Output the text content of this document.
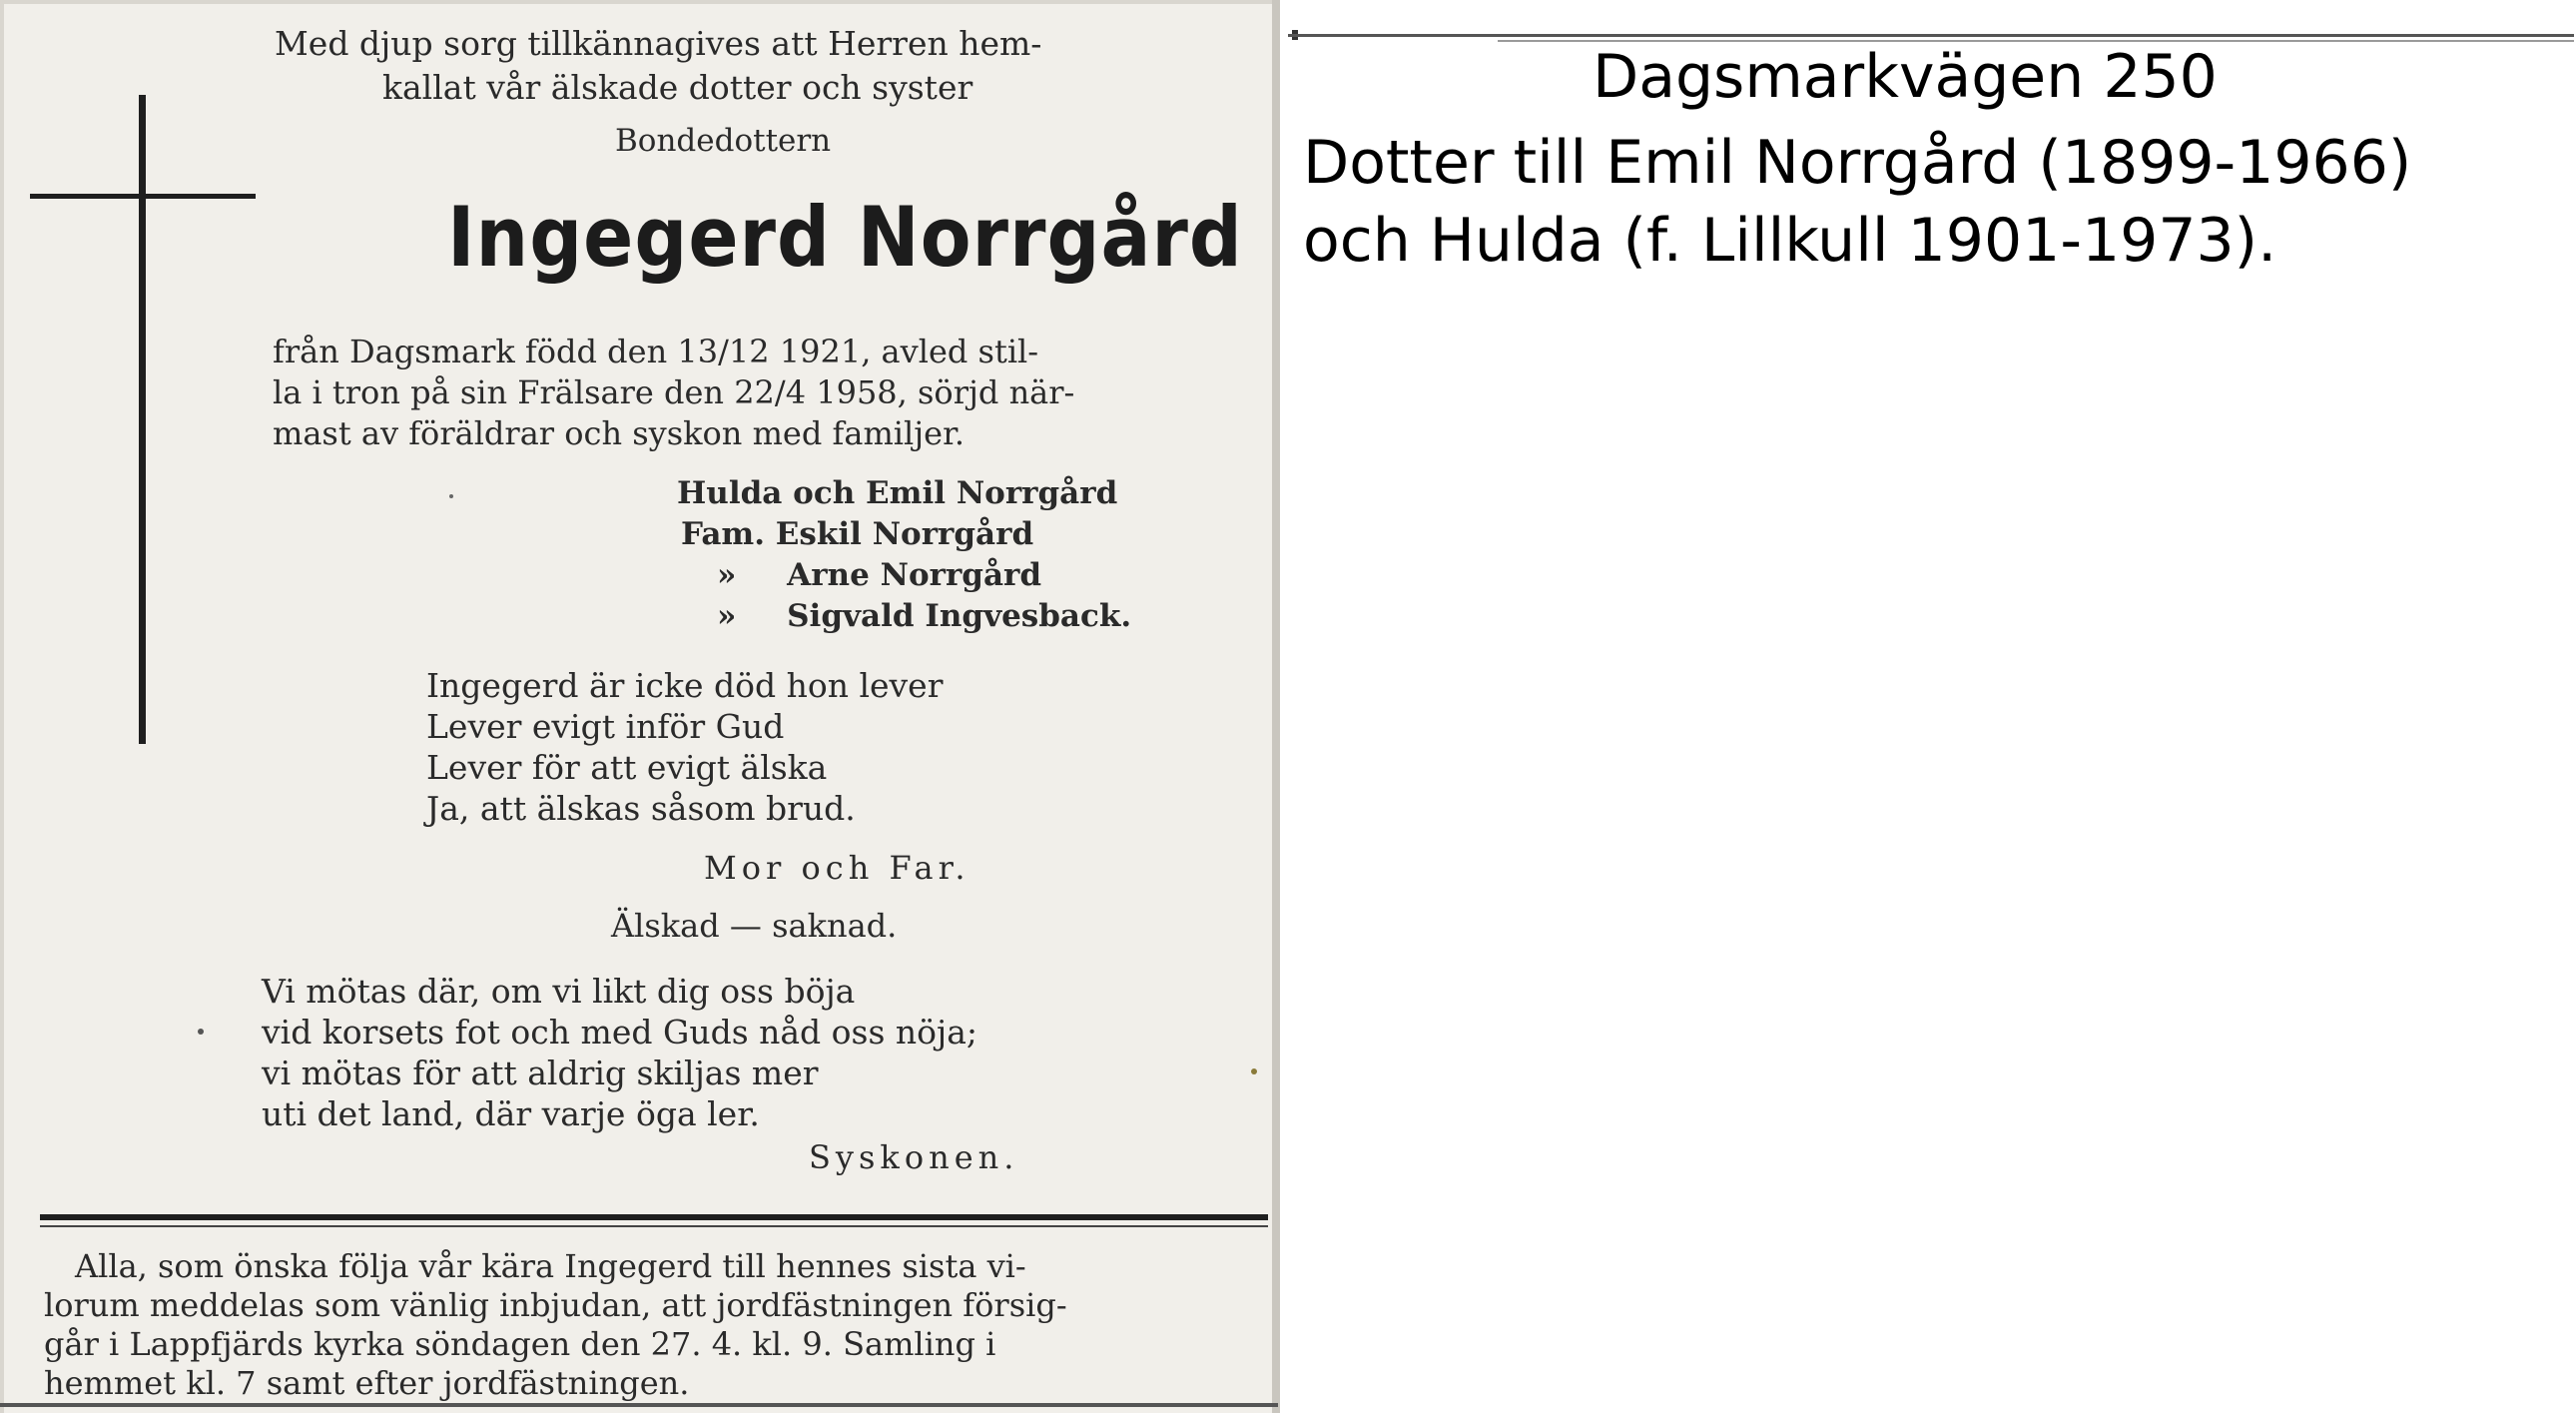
Med djup sorg tillkännagives att Herren hem-

kallat vår älskade dotter och syster

Bondedottern

Ingegerd Norrgård

från Dagsmark född den 13/12 1921, avled stil-

la i tron på sin Frälsare den 22/4 1958, sörjd när-

mast av föräldrar och syskon med familjer.

Hulda och Emil Norrgård

Fam. Eskil Norrgård

» Arne Norrgård

» Sigvald Ingvesback.

Ingegerd är icke död hon lever

Lever evigt inför Gud

Lever för att evigt älska

Ja, att älskas såsom brud.

Mor och Far.

Älskad — saknad.

Vi mötas där, om vi likt dig oss böja

vid korsets fot och med Guds nåd oss nöja;

vi mötas för att aldrig skiljas mer

uti det land, där varje öga ler.

Syskonen.

Alla, som önska följa vår kära Ingegerd till hennes sista vi-

lorum meddelas som vänlig inbjudan, att jordfästningen försig-

går i Lappfjärds kyrka söndagen den 27. 4. kl. 9. Samling i

hemmet kl. 7 samt efter jordfästningen.

Dagsmarkvägen 250

Dotter till Emil Norrgård (1899-1966)

och Hulda (f. Lillkull 1901-1973).
